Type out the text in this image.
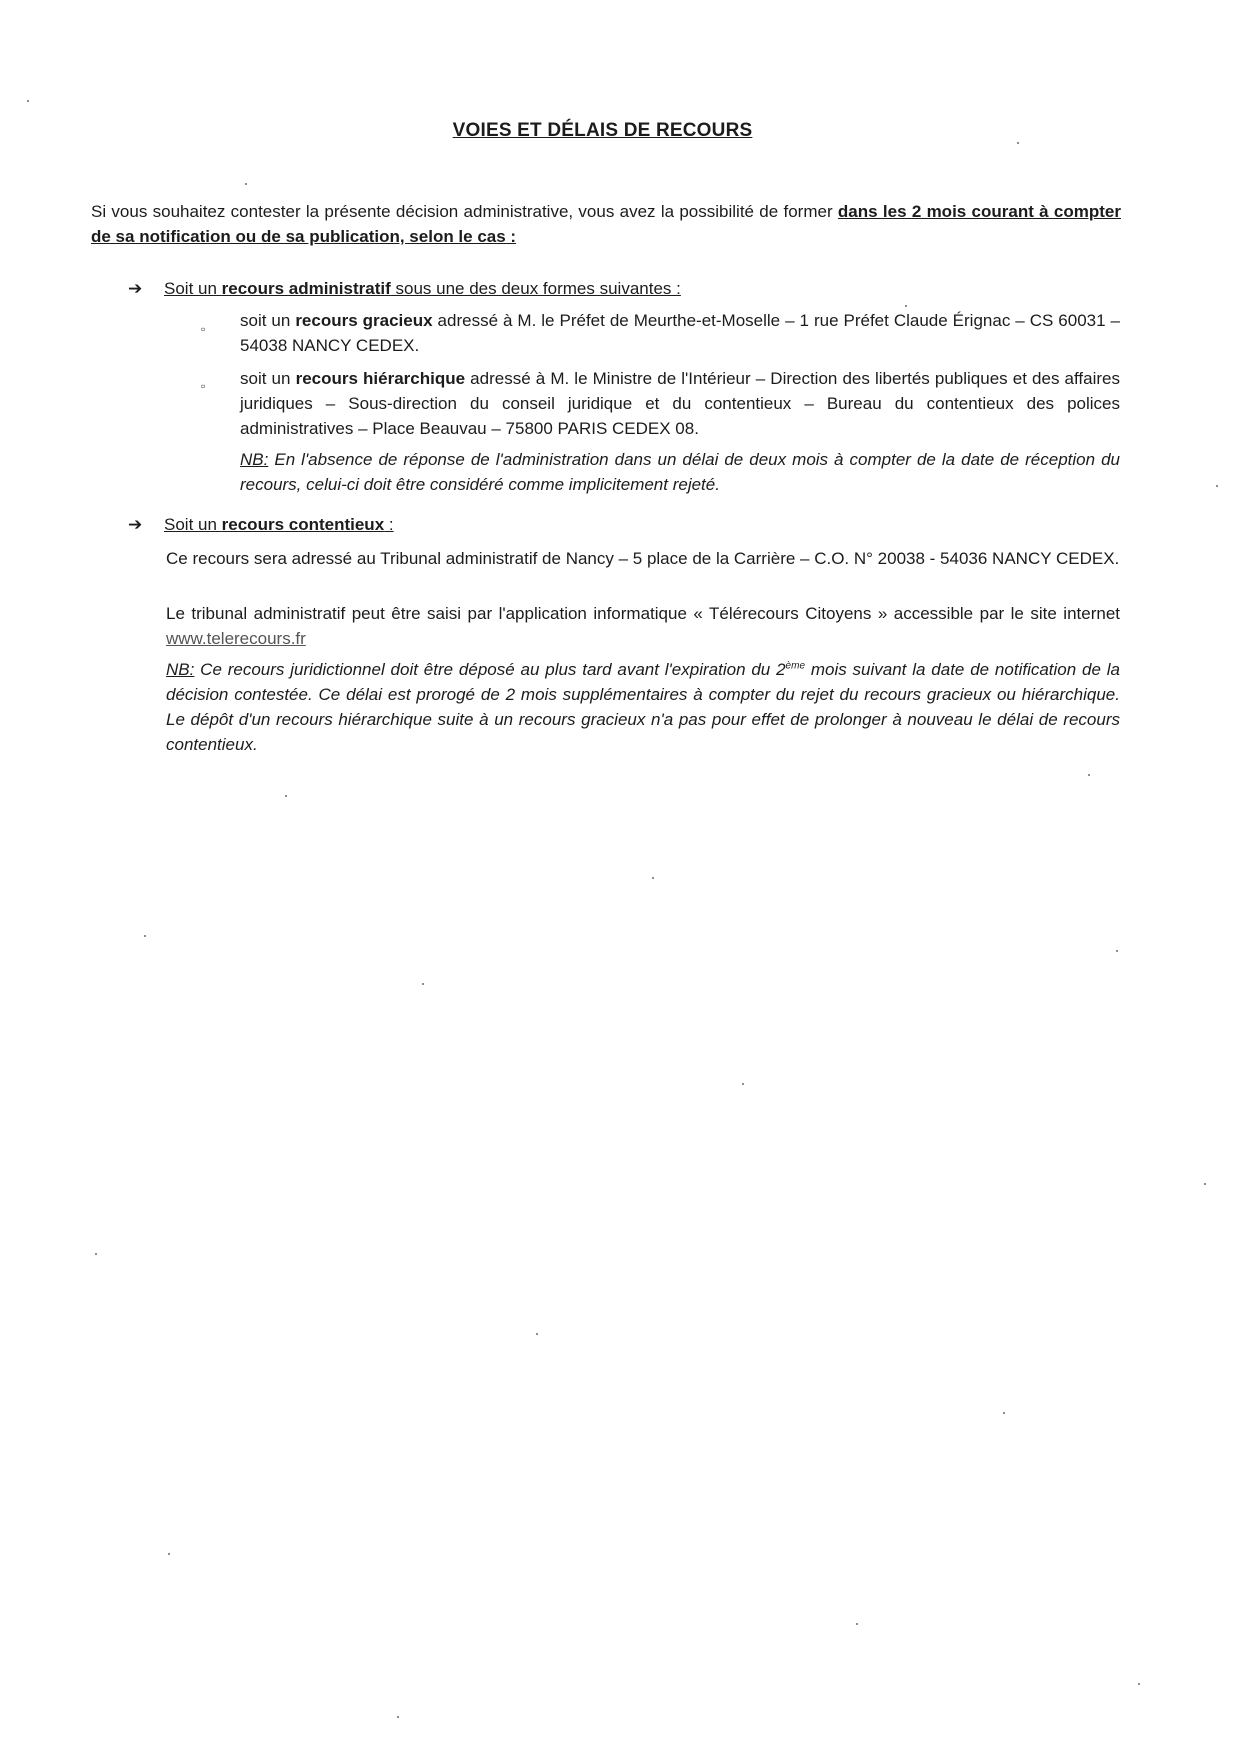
VOIES ET DÉLAIS DE RECOURS
Si vous souhaitez contester la présente décision administrative, vous avez la possibilité de former dans les 2 mois courant à compter de sa notification ou de sa publication, selon le cas :
➔	Soit un recours administratif sous une des deux formes suivantes :
▫ soit un recours gracieux adressé à M. le Préfet de Meurthe-et-Moselle – 1 rue Préfet Claude Érignac – CS 60031 – 54038 NANCY CEDEX.
▫ soit un recours hiérarchique adressé à M. le Ministre de l'Intérieur – Direction des libertés publiques et des affaires juridiques – Sous-direction du conseil juridique et du contentieux – Bureau du contentieux des polices administratives – Place Beauvau – 75800 PARIS CEDEX 08.
NB: En l'absence de réponse de l'administration dans un délai de deux mois à compter de la date de réception du recours, celui-ci doit être considéré comme implicitement rejeté.
➔	Soit un recours contentieux :
Ce recours sera adressé au Tribunal administratif de Nancy – 5 place de la Carrière – C.O. N° 20038 - 54036 NANCY CEDEX.
Le tribunal administratif peut être saisi par l'application informatique « Télérecours Citoyens » accessible par le site internet www.telerecours.fr
NB: Ce recours juridictionnel doit être déposé au plus tard avant l'expiration du 2ème mois suivant la date de notification de la décision contestée. Ce délai est prorogé de 2 mois supplémentaires à compter du rejet du recours gracieux ou hiérarchique. Le dépôt d'un recours hiérarchique suite à un recours gracieux n'a pas pour effet de prolonger à nouveau le délai de recours contentieux.
